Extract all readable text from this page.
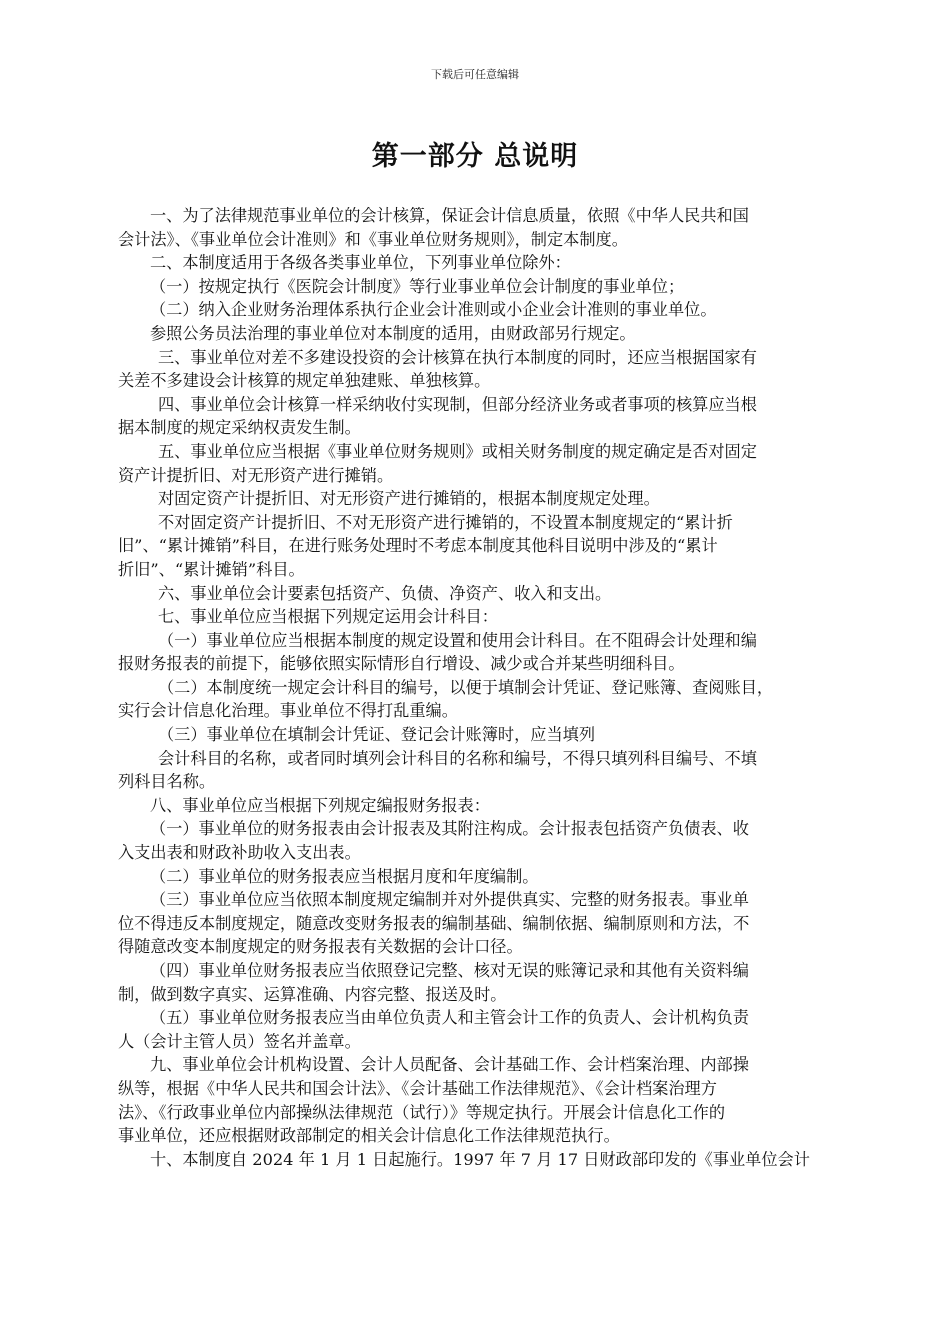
下载后可任意编辑
第一部分 总说明

一、为了法律规范事业单位的会计核算，保证会计信息质量，依照《中华人民共和国

会计法》、《事业单位会计准则》和《事业单位财务规则》，制定本制度。

二、本制度适用于各级各类事业单位，下列事业单位除外：

（一）按规定执行《医院会计制度》等行业事业单位会计制度的事业单位；

（二）纳入企业财务治理体系执行企业会计准则或小企业会计准则的事业单位。

参照公务员法治理的事业单位对本制度的适用，由财政部另行规定。

三、事业单位对差不多建设投资的会计核算在执行本制度的同时，还应当根据国家有

关差不多建设会计核算的规定单独建账、单独核算。

四、事业单位会计核算一样采纳收付实现制，但部分经济业务或者事项的核算应当根

据本制度的规定采纳权责发生制。

五、事业单位应当根据《事业单位财务规则》或相关财务制度的规定确定是否对固定

资产计提折旧、对无形资产进行摊销。

对固定资产计提折旧、对无形资产进行摊销的，根据本制度规定处理。

不对固定资产计提折旧、不对无形资产进行摊销的，不设置本制度规定的“累计折

旧”、“累计摊销”科目，在进行账务处理时不考虑本制度其他科目说明中涉及的“累计

折旧”、“累计摊销”科目。

六、事业单位会计要素包括资产、负债、净资产、收入和支出。

七、事业单位应当根据下列规定运用会计科目：

（一）事业单位应当根据本制度的规定设置和使用会计科目。在不阻碍会计处理和编

报财务报表的前提下，能够依照实际情形自行增设、减少或合并某些明细科目。

（二）本制度统一规定会计科目的编号，以便于填制会计凭证、登记账簿、查阅账目，

实行会计信息化治理。事业单位不得打乱重编。

（三）事业单位在填制会计凭证、登记会计账簿时，应当填列

会计科目的名称，或者同时填列会计科目的名称和编号，不得只填列科目编号、不填

列科目名称。

八、事业单位应当根据下列规定编报财务报表：

（一）事业单位的财务报表由会计报表及其附注构成。会计报表包括资产负债表、收

入支出表和财政补助收入支出表。

（二）事业单位的财务报表应当根据月度和年度编制。

（三）事业单位应当依照本制度规定编制并对外提供真实、完整的财务报表。事业单

位不得违反本制度规定，随意改变财务报表的编制基础、编制依据、编制原则和方法，不

得随意改变本制度规定的财务报表有关数据的会计口径。

（四）事业单位财务报表应当依照登记完整、核对无误的账簿记录和其他有关资料编

制，做到数字真实、运算准确、内容完整、报送及时。

（五）事业单位财务报表应当由单位负责人和主管会计工作的负责人、会计机构负责

人（会计主管人员）签名并盖章。

九、事业单位会计机构设置、会计人员配备、会计基础工作、会计档案治理、内部操

纵等，根据《中华人民共和国会计法》、《会计基础工作法律规范》、《会计档案治理方

法》、《行政事业单位内部操纵法律规范（试行）》等规定执行。开展会计信息化工作的

事业单位，还应根据财政部制定的相关会计信息化工作法律规范执行。

十、本制度自 2024 年 1 月 1 日起施行。1997 年 7 月 17 日财政部印发的《事业单位会计
